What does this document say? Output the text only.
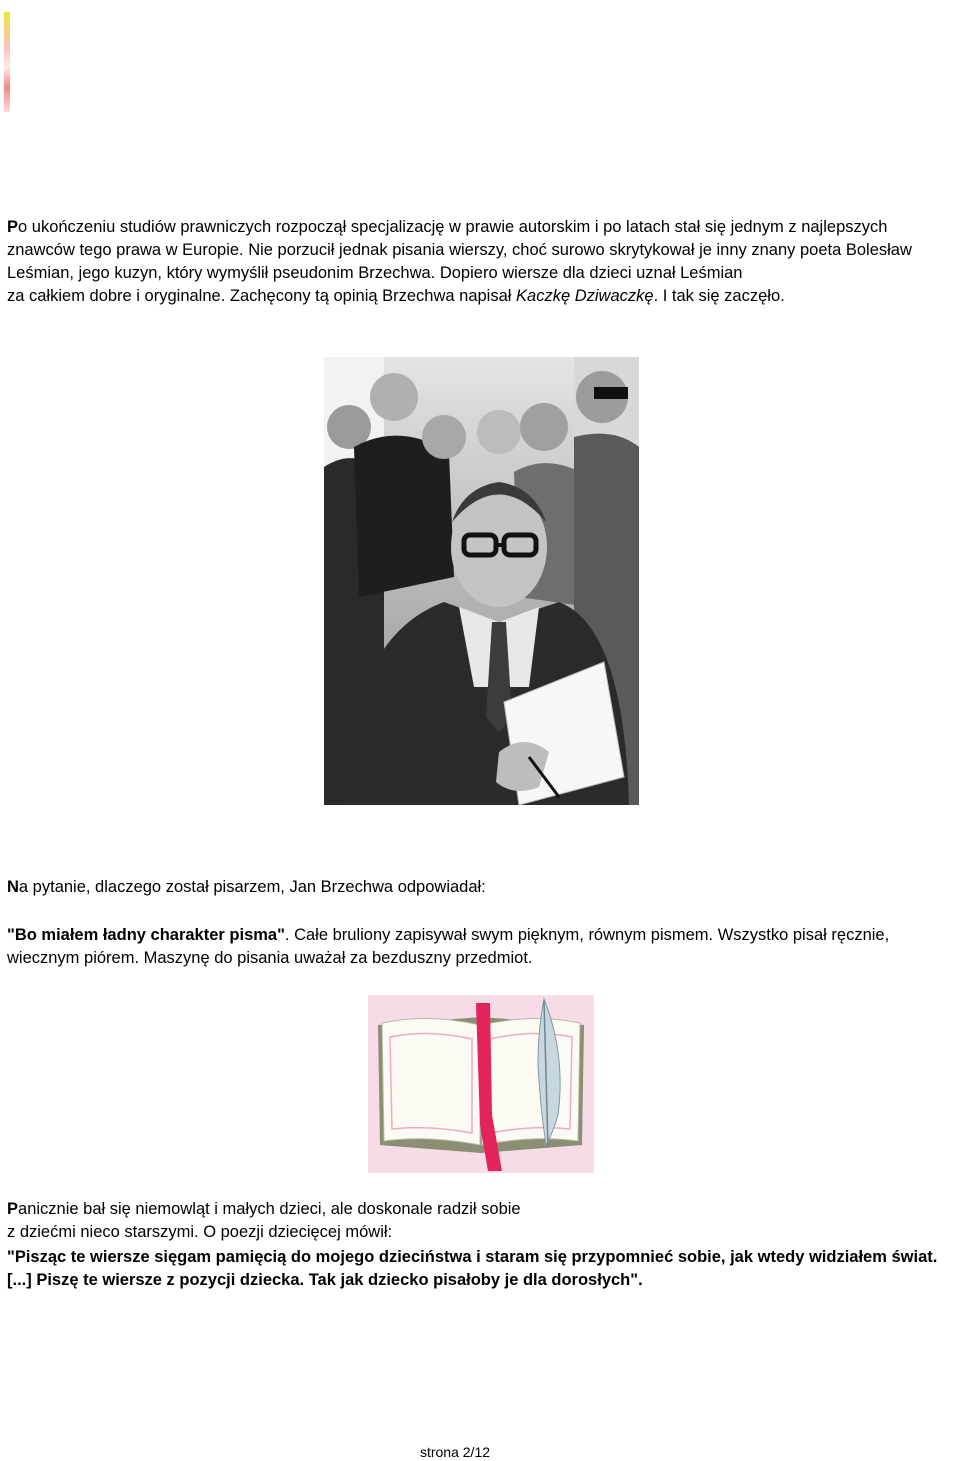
Po ukończeniu studiów prawniczych rozpoczął specjalizację w prawie autorskim i po latach stał się jednym z najlepszych znawców tego prawa w Europie. Nie porzucił jednak pisania wierszy, choć surowo skrytykował je inny znany poeta Bolesław Leśmian, jego kuzyn, który wymyślił pseudonim Brzechwa. Dopiero wiersze dla dzieci uznał Leśmian
za całkiem dobre i oryginalne. Zachęcony tą opinią Brzechwa napisał Kaczkę Dziwaczkę. I tak się zaczęło.

Na pytanie, dlaczego został pisarzem, Jan Brzechwa odpowiadał:

"Bo miałem ładny charakter pisma". Całe bruliony zapisywał swym pięknym, równym pismem. Wszystko pisał ręcznie, wiecznym piórem. Maszynę do pisania uważał za bezduszny przedmiot.

Panicznie bał się niemowląt i małych dzieci, ale doskonale radził sobie
z dziećmi nieco starszymi. O poezji dziecięcej mówił:

"Pisząc te wiersze sięgam pamięcią do mojego dzieciństwa i staram się przypomnieć sobie, jak wtedy widziałem świat. [...] Piszę te wiersze z pozycji dziecka. Tak jak dziecko pisałoby je dla dorosłych".

strona 2/12
